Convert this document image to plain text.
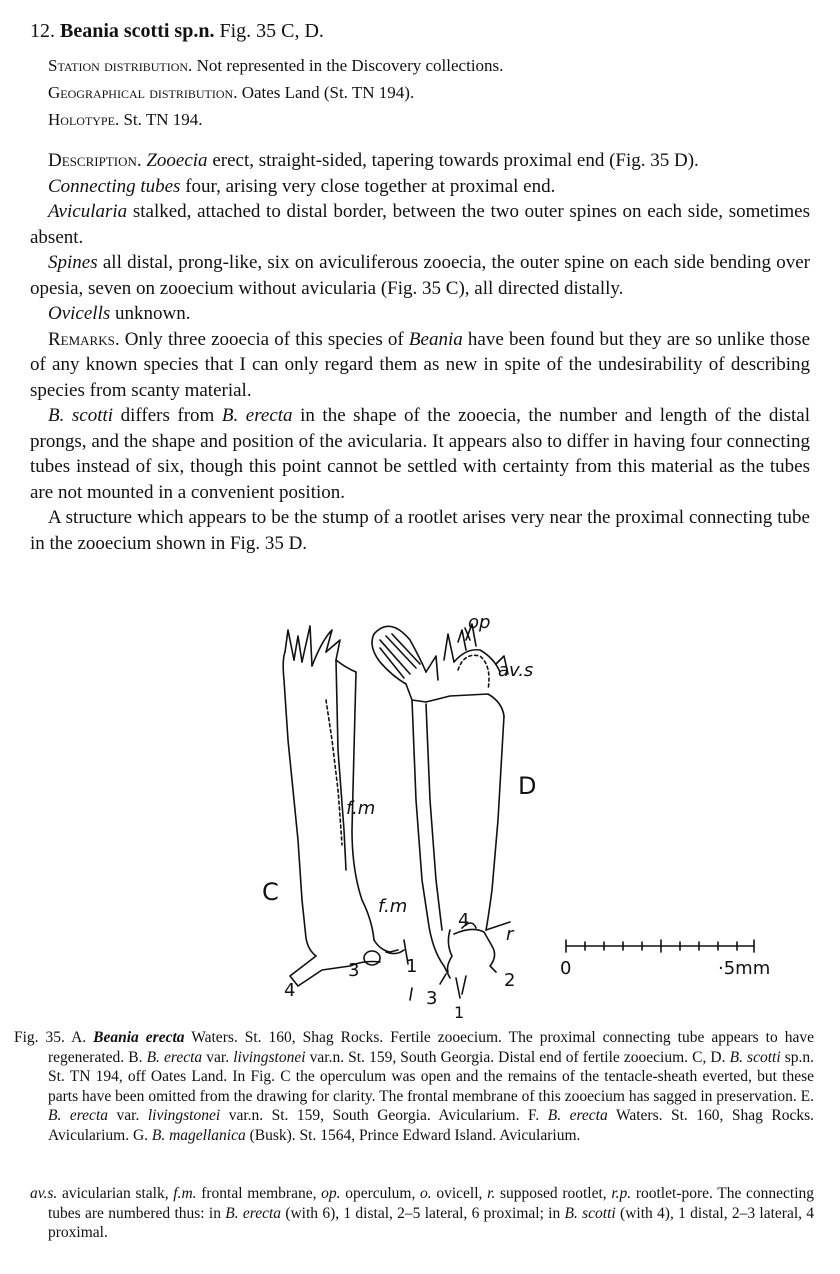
12. Beania scotti sp.n. Fig. 35 C, D.
Station distribution. Not represented in the Discovery collections.
Geographical distribution. Oates Land (St. TN 194).
Holotype. St. TN 194.
Description. Zooecia erect, straight-sided, tapering towards proximal end (Fig. 35 D).
Connecting tubes four, arising very close together at proximal end.
Avicularia stalked, attached to distal border, between the two outer spines on each side, sometimes absent.
Spines all distal, prong-like, six on aviculiferous zooecia, the outer spine on each side bending over opesia, seven on zooecium without avicularia (Fig. 35 C), all directed distally.
Ovicells unknown.
Remarks. Only three zooecia of this species of Beania have been found but they are so unlike those of any known species that I can only regard them as new in spite of the undesirability of describing species from scanty material.
B. scotti differs from B. erecta in the shape of the zooecia, the number and length of the distal prongs, and the shape and position of the avicularia. It appears also to differ in having four connecting tubes instead of six, though this point cannot be settled with certainty from this material as the tubes are not mounted in a convenient position.
A structure which appears to be the stump of a rootlet arises very near the proximal connecting tube in the zooecium shown in Fig. 35 D.
C
D
op
av.s
f.m
f.m
r
4
2
3
1
4
3	1	0	·5mm
Fig. 35. A. Beania erecta Waters. St. 160, Shag Rocks. Fertile zooecium. The proximal connecting tube appears to have regenerated. B. B. erecta var. livingstonei var.n. St. 159, South Georgia. Distal end of fertile zooecium. C, D. B. scotti sp.n. St. TN 194, off Oates Land. In Fig. C the operculum was open and the remains of the tentacle-sheath everted, but these parts have been omitted from the drawing for clarity. The frontal membrane of this zooecium has sagged in preservation. E. B. erecta var. livingstonei var.n. St. 159, South Georgia. Avicularium. F. B. erecta Waters. St. 160, Shag Rocks. Avicularium. G. B. magellanica (Busk). St. 1564, Prince Edward Island. Avicularium.
av.s. avicularian stalk, f.m. frontal membrane, op. operculum, o. ovicell, r. supposed rootlet, r.p. rootlet-pore. The connecting tubes are numbered thus: in B. erecta (with 6), 1 distal, 2–5 lateral, 6 proximal; in B. scotti (with 4), 1 distal, 2–3 lateral, 4 proximal.
